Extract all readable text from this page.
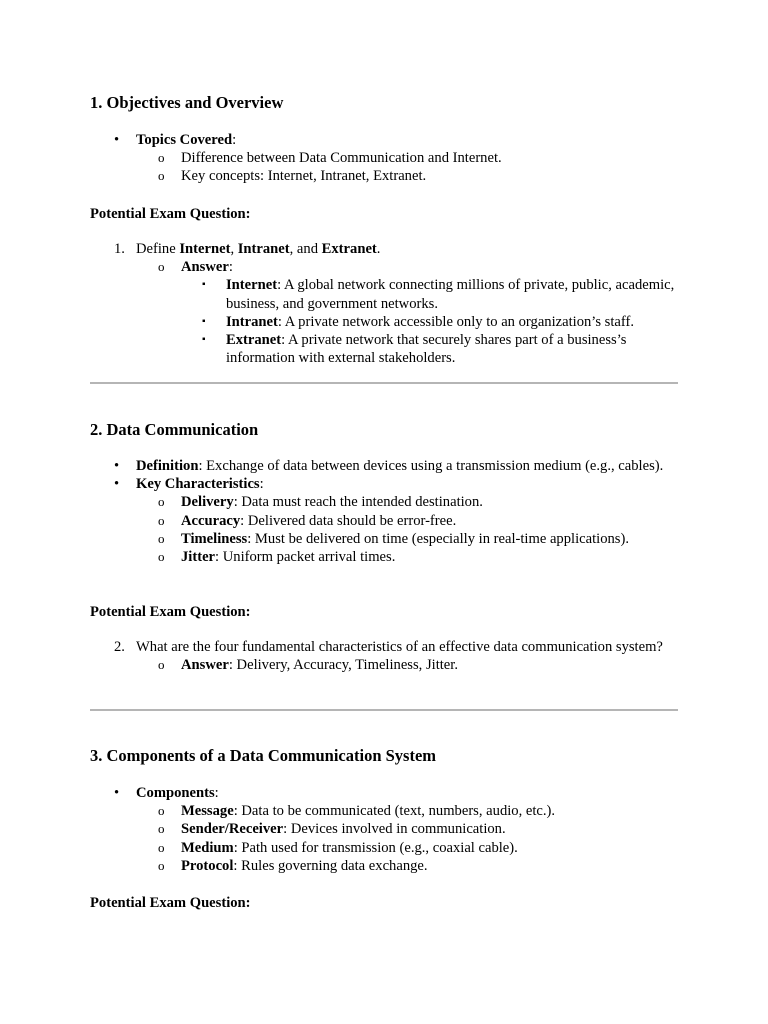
1. Objectives and Overview
• Topics Covered:
o Difference between Data Communication and Internet.
o Key concepts: Internet, Intranet, Extranet.
Potential Exam Question:
1. Define Internet, Intranet, and Extranet.
o Answer:
▪ Internet: A global network connecting millions of private, public, academic, business, and government networks.
▪ Intranet: A private network accessible only to an organization’s staff.
▪ Extranet: A private network that securely shares part of a business’s information with external stakeholders.
2. Data Communication
• Definition: Exchange of data between devices using a transmission medium (e.g., cables).
• Key Characteristics:
o Delivery: Data must reach the intended destination.
o Accuracy: Delivered data should be error-free.
o Timeliness: Must be delivered on time (especially in real-time applications).
o Jitter: Uniform packet arrival times.
Potential Exam Question:
2. What are the four fundamental characteristics of an effective data communication system?
o Answer: Delivery, Accuracy, Timeliness, Jitter.
3. Components of a Data Communication System
• Components:
o Message: Data to be communicated (text, numbers, audio, etc.).
o Sender/Receiver: Devices involved in communication.
o Medium: Path used for transmission (e.g., coaxial cable).
o Protocol: Rules governing data exchange.
Potential Exam Question:
